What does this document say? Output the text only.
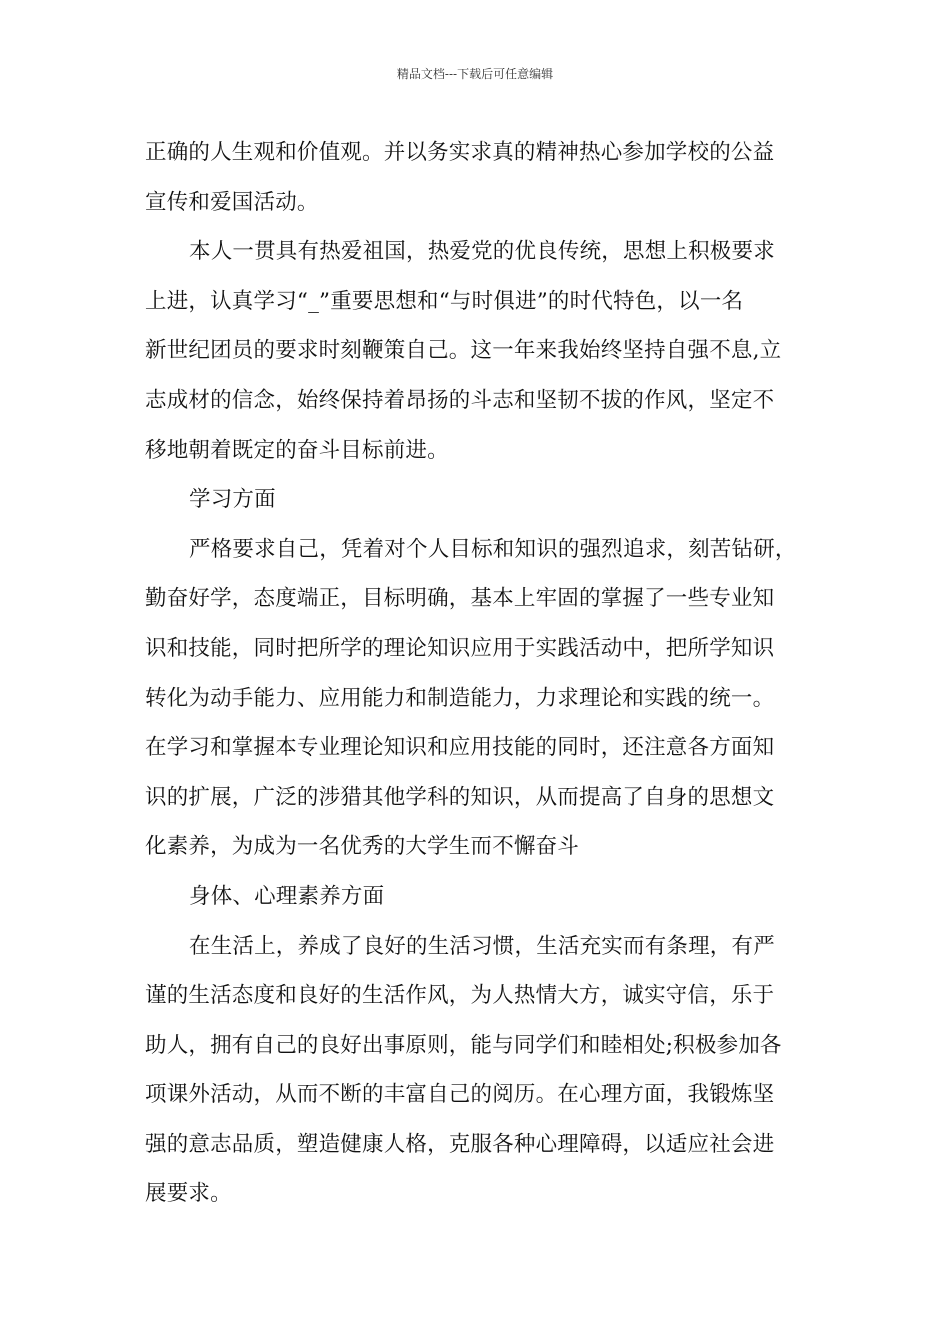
精品文档---下载后可任意编辑
正确的人生观和价值观。并以务实求真的精神热心参加学校的公益
宣传和爱国活动。
本人一贯具有热爱祖国，热爱党的优良传统，思想上积极要求
上进，认真学习“_”重要思想和“与时俱进”的时代特色，以一名
新世纪团员的要求时刻鞭策自己。这一年来我始终坚持自强不息,立
志成材的信念，始终保持着昂扬的斗志和坚韧不拔的作风，坚定不
移地朝着既定的奋斗目标前进。
学习方面
严格要求自己，凭着对个人目标和知识的强烈追求，刻苦钻研，
勤奋好学，态度端正，目标明确，基本上牢固的掌握了一些专业知
识和技能，同时把所学的理论知识应用于实践活动中，把所学知识
转化为动手能力、应用能力和制造能力，力求理论和实践的统一。
在学习和掌握本专业理论知识和应用技能的同时，还注意各方面知
识的扩展，广泛的涉猎其他学科的知识，从而提高了自身的思想文
化素养，为成为一名优秀的大学生而不懈奋斗
身体、心理素养方面
在生活上，养成了良好的生活习惯，生活充实而有条理，有严
谨的生活态度和良好的生活作风，为人热情大方，诚实守信，乐于
助人，拥有自己的良好出事原则，能与同学们和睦相处;积极参加各
项课外活动，从而不断的丰富自己的阅历。在心理方面，我锻炼坚
强的意志品质，塑造健康人格，克服各种心理障碍，以适应社会进
展要求。
